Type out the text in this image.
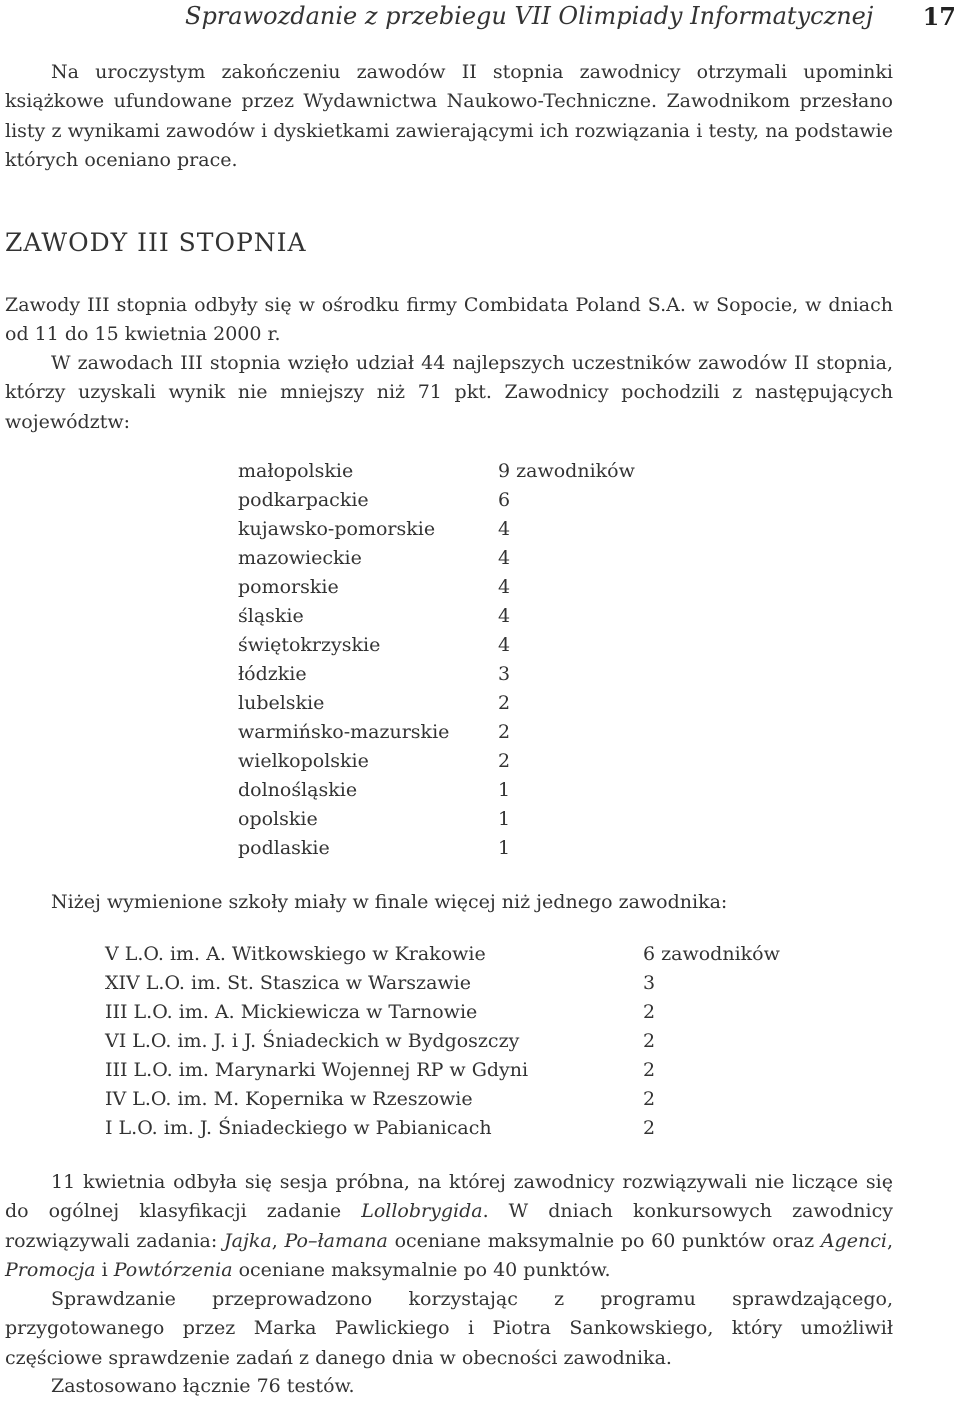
Sprawozdanie z przebiegu VII Olimpiady Informatycznej 17

Na uroczystym zakończeniu zawodów II stopnia zawodnicy otrzymali upominki książkowe ufundowane przez Wydawnictwa Naukowo-Techniczne. Zawodnikom przesłano listy z wynikami zawodów i dyskietkami zawierającymi ich rozwiązania i testy, na podstawie których oceniano prace.

ZAWODY III STOPNIA

Zawody III stopnia odbyły się w ośrodku firmy Combidata Poland S.A. w Sopocie, w dniach od 11 do 15 kwietnia 2000 r.

W zawodach III stopnia wzięło udział 44 najlepszych uczestników zawodów II stopnia, którzy uzyskali wynik nie mniejszy niż 71 pkt. Zawodnicy pochodzili z następujących województw:

małopolskie	9 zawodników
podkarpackie	6
kujawsko-pomorskie	4
mazowieckie	4
pomorskie	4
śląskie	4
świętokrzyskie	4
łódzkie	3
lubelskie	2
warmińsko-mazurskie	2
wielkopolskie	2
dolnośląskie	1
opolskie	1
podlaskie	1

Niżej wymienione szkoły miały w finale więcej niż jednego zawodnika:

V L.O. im. A. Witkowskiego w Krakowie	6 zawodników
XIV L.O. im. St. Staszica w Warszawie	3
III L.O. im. A. Mickiewicza w Tarnowie	2
VI L.O. im. J. i J. Śniadeckich w Bydgoszczy	2
III L.O. im. Marynarki Wojennej RP w Gdyni	2
IV L.O. im. M. Kopernika w Rzeszowie	2
I L.O. im. J. Śniadeckiego w Pabianicach	2

11 kwietnia odbyła się sesja próbna, na której zawodnicy rozwiązywali nie liczące się do ogólnej klasyfikacji zadanie Lollobrygida. W dniach konkursowych zawodnicy rozwiązywali zadania: Jajka, Po–łamana oceniane maksymalnie po 60 punktów oraz Agenci, Promocja i Powtórzenia oceniane maksymalnie po 40 punktów.

Sprawdzanie przeprowadzono korzystając z programu sprawdzającego, przygotowanego przez Marka Pawlickiego i Piotra Sankowskiego, który umożliwił częściowe sprawdzenie zadań z danego dnia w obecności zawodnika.

Zastosowano łącznie 76 testów.
